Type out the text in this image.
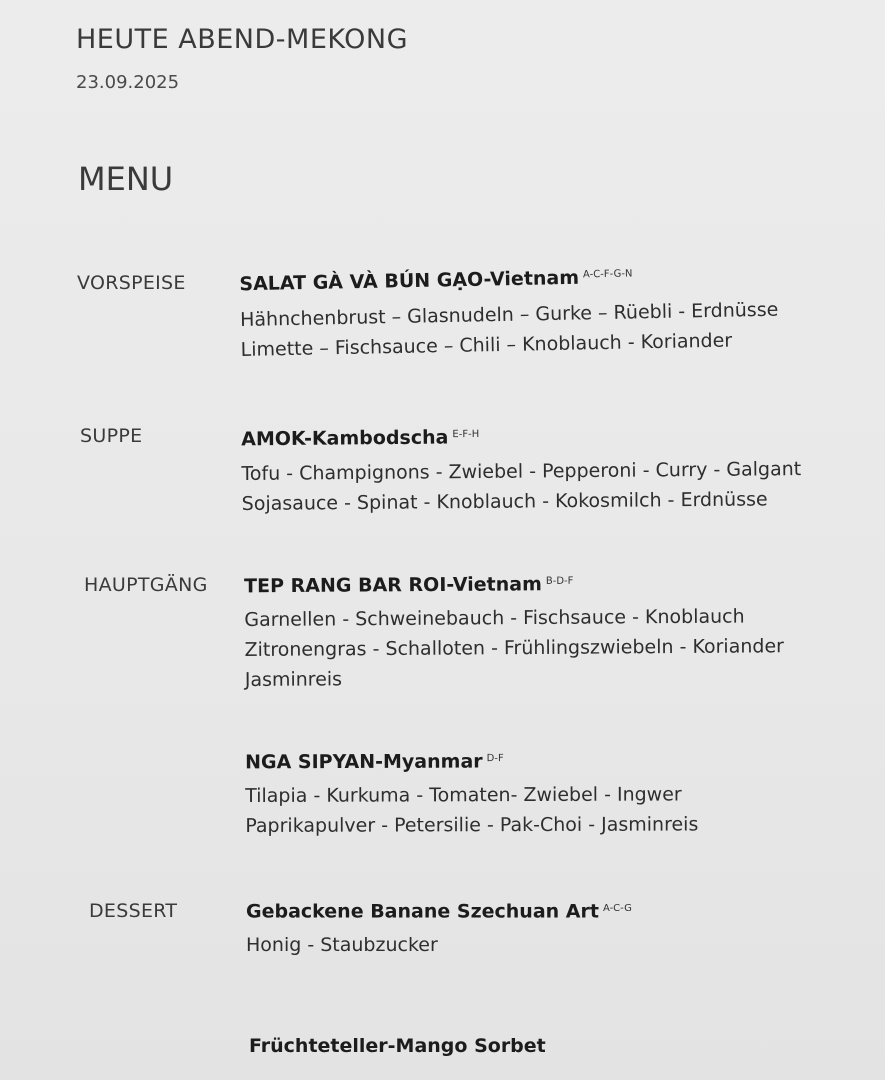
HEUTE ABEND-MEKONG
23.09.2025
MENU
VORSPEISE	SALAT GÀ VÀ BÚN GẠO-Vietnam $^{A-C-F-G-N}$
Hähnchenbrust – Glasnudeln – Gurke – Rüebli - Erdnüsse
Limette – Fischsauce – Chili – Knoblauch - Koriander
SUPPE	AMOK-Kambodscha $^{E-F-H}$
Tofu - Champignons - Zwiebel - Pepperoni - Curry - Galgant
Sojasauce - Spinat - Knoblauch - Kokosmilch - Erdnüsse
HAUPTGÄNG TEP RANG BAR ROI-Vietnam $^{B-D-F}$
Garnellen - Schweinebauch - Fischsauce - Knoblauch
Zitronengras - Schalloten - Frühlingszwiebeln - Koriander
Jasminreis
NGA SIPYAN-Myanmar $^{D-F}$
Tilapia - Kurkuma - Tomaten- Zwiebel - Ingwer
Paprikapulver - Petersilie - Pak-Choi - Jasminreis
DESSERT	Gebackene Banane Szechuan Art $^{A-C-G}$
Honig - Staubzucker
Früchteteller-Mango Sorbet
